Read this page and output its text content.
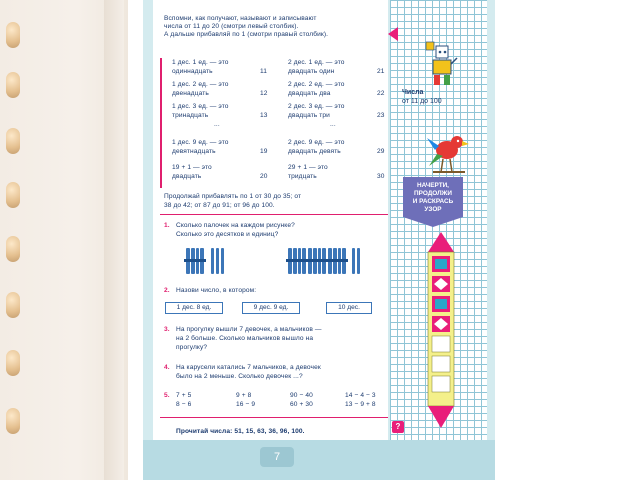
7
Вспомни, как получают, называют и записывают
числа от 11 до 20 (смотри левый столбик).
А дальше прибавляй по 1 (смотри правый столбик).
1 дес. 1 ед. — это
одиннадцать	11
1 дес. 2 ед. — это
двенадцать	12
1 дес. 3 ед. — это
тринадцать	13
...
1 дес. 9 ед. — это
девятнадцать	19
19 + 1 — это
двадцать	20
2 дес. 1 ед. — это
двадцать один	21
2 дес. 2 ед. — это
двадцать два	22
2 дес. 3 ед. — это
двадцать три	23
...
2 дес. 9 ед. — это
двадцать девять	29
29 + 1 — это
тридцать	30
Продолжай прибавлять по 1 от 30 до 35; от
38 до 42; от 87 до 91; от 96 до 100.
1. Сколько палочек на каждом рисунке?
Сколько это десятков и единиц?
2. Назови число, в котором:
1 дес. 8 ед.	9 дес. 9 ед.	10 дес.
3. На прогулку вышли 7 девочек, а мальчиков —
на 2 больше. Сколько мальчиков вышло на
прогулку?
4. На карусели катались 7 мальчиков, а девочек
было на 2 меньше. Сколько девочек ...?
5. 7 + 5	9 + 8	90 − 40	14 − 4 − 3
8 − 6	16 − 9	60 + 30	13 − 9 + 8
Прочитай числа: 51, 15, 63, 36, 96, 100.
Числа
от 11 до 100
НАЧЕРТИ,
ПРОДОЛЖИ
И РАСКРАСЬ
УЗОР
?
